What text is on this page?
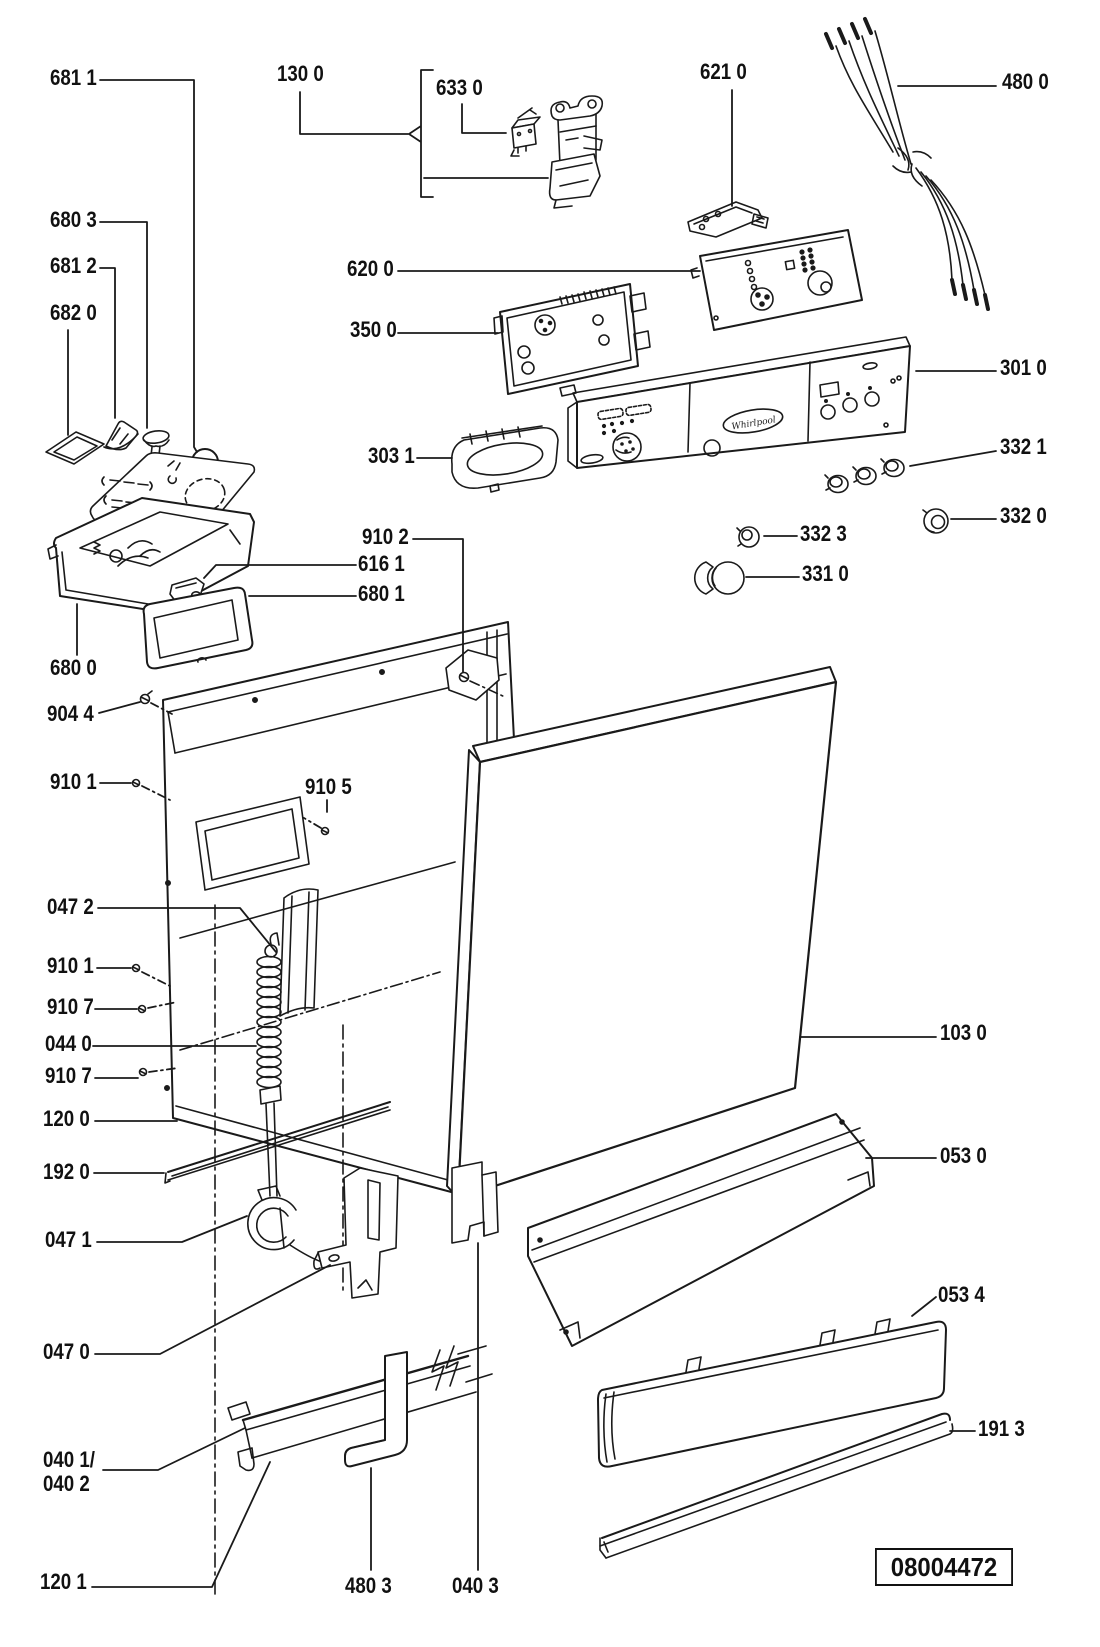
Whirlpool
681 1	130 0
633 0
621 0	480 0
680 3
681 2
682 0
620 0
350 0
303 1
301 0
332 1
332 0
332 3
331 0
910 2
616 1
680 1
680 0
904 4
910 1	910 5
047 2
910 1
910 7
044 0
910 7
120 0
192 0
047 1
047 0
040 1/
040 2
120 1	480 3	040 3
103 0
053 0
053 4
191 3
08004472
